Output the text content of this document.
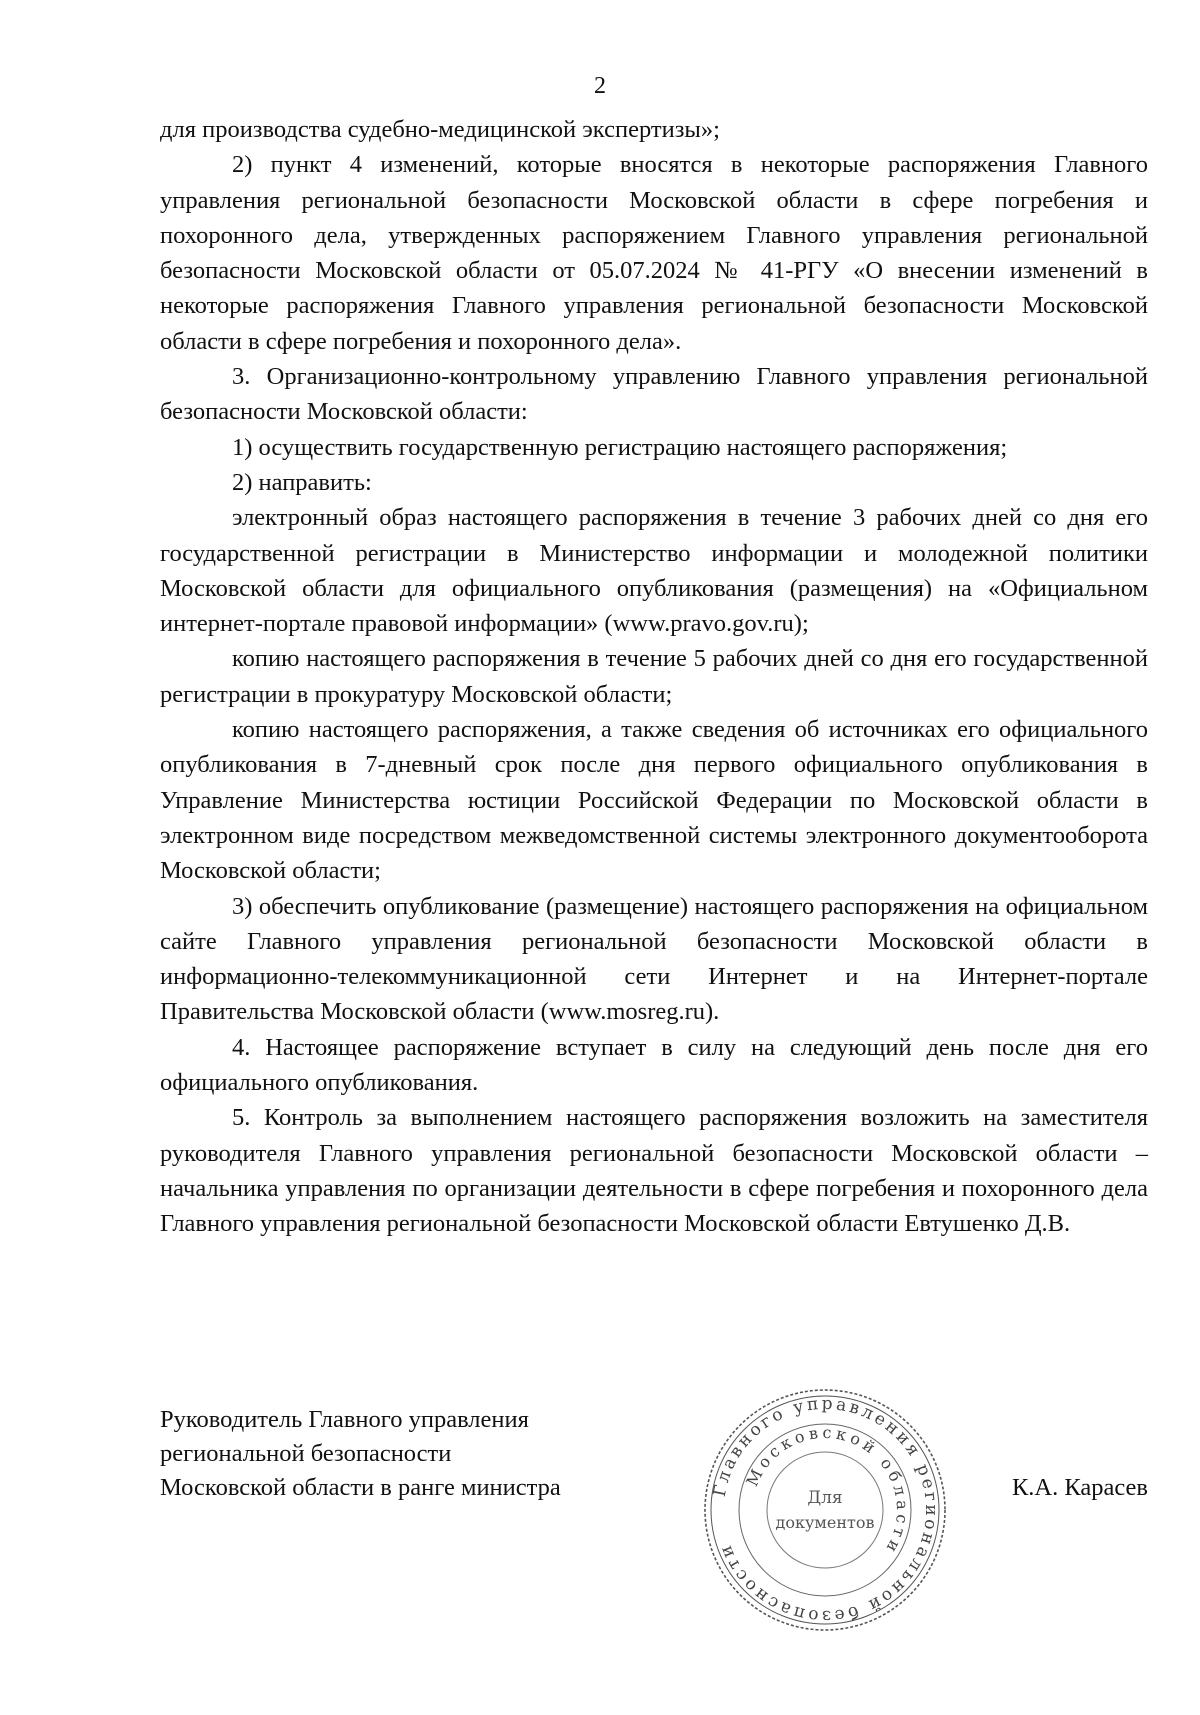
2

для производства судебно-медицинской экспертизы»;

2) пункт 4 изменений, которые вносятся в некоторые распоряжения Главного управления региональной безопасности Московской области в сфере погребения и похоронного дела, утвержденных распоряжением Главного управления региональной безопасности Московской области от 05.07.2024 № 41-РГУ «О внесении изменений в некоторые распоряжения Главного управления региональной безопасности Московской области в сфере погребения и похоронного дела».

3. Организационно-контрольному управлению Главного управления региональной безопасности Московской области:

1) осуществить государственную регистрацию настоящего распоряжения;

2) направить:

электронный образ настоящего распоряжения в течение 3 рабочих дней со дня его государственной регистрации в Министерство информации и молодежной политики Московской области для официального опубликования (размещения) на «Официальном интернет-портале правовой информации» (www.pravo.gov.ru);

копию настоящего распоряжения в течение 5 рабочих дней со дня его государственной регистрации в прокуратуру Московской области;

копию настоящего распоряжения, а также сведения об источниках его официального опубликования в 7-дневный срок после дня первого официального опубликования в Управление Министерства юстиции Российской Федерации по Московской области в электронном виде посредством межведомственной системы электронного документооборота Московской области;

3) обеспечить опубликование (размещение) настоящего распоряжения на официальном сайте Главного управления региональной безопасности Московской области в информационно-телекоммуникационной сети Интернет и на Интернет-портале Правительства Московской области (www.mosreg.ru).

4. Настоящее распоряжение вступает в силу на следующий день после дня его официального опубликования.

5. Контроль за выполнением настоящего распоряжения возложить на заместителя руководителя Главного управления региональной безопасности Московской области – начальника управления по организации деятельности в сфере погребения и похоронного дела Главного управления региональной безопасности Московской области Евтушенко Д.В.

Руководитель Главного управления
региональной безопасности
Московской области в ранге министра	К.А. Карасев
Главного управления региональной безопасности
Московской области
Для
документов
